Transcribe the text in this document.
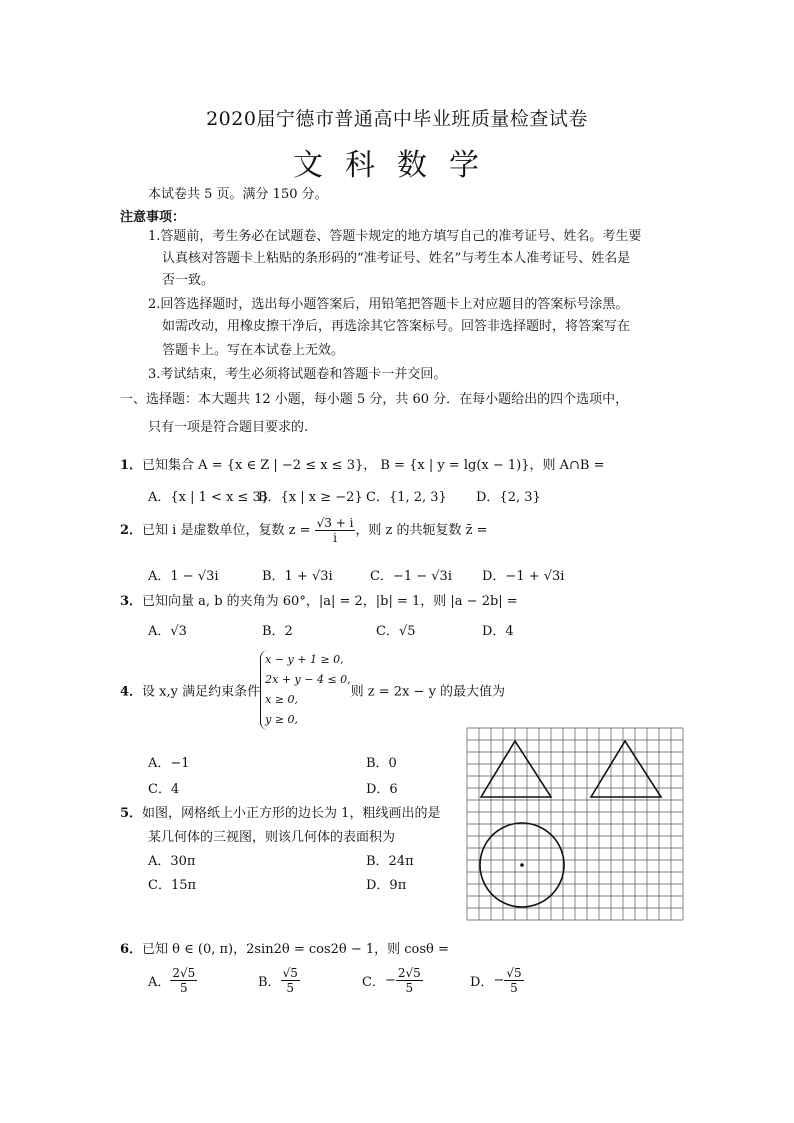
2020届宁德市普通高中毕业班质量检查试卷
文科数学
本试卷共 5 页。满分 150 分。
注意事项：
1.答题前，考生务必在试题卷、答题卡规定的地方填写自己的准考证号、姓名。考生要
认真核对答题卡上粘贴的条形码的“准考证号、姓名”与考生本人准考证号、姓名是
否一致。
2.回答选择题时，选出每小题答案后，用铅笔把答题卡上对应题目的答案标号涂黑。
如需改动，用橡皮擦干净后，再选涂其它答案标号。回答非选择题时，将答案写在
答题卡上。写在本试卷上无效。
3.考试结束，考生必须将试题卷和答题卡一并交回。
一、选择题：本大题共 12 小题，每小题 5 分，共 60 分．在每小题给出的四个选项中，
只有一项是符合题目要求的.
1．已知集合 A = {x ∈ Z | −2 ≤ x ≤ 3}， B = {x | y = lg(x − 1)}，则 A∩B =
A．{x | 1 < x ≤ 3}
B．{x | x ≥ −2} C．{1, 2, 3} D．{2, 3}
2．已知 i 是虚数单位，复数 $z = \frac{√3 + i}{i}$ ，则 z 的共轭复数 z̄ =
A．1 − √3i	B．1 + √3i	C．−1 − √3i D．−1 + √3i
3．已知向量 a, b 的夹角为 60°，|a| = 2，|b| = 1，则 |a − 2b| =
A．√3	B．2	C．√5	D．4
4．设 x,y 满足约束条件
x − y + 1 ≥ 0,
2x + y − 4 ≤ 0,
x ≥ 0,
y ≥ 0,
则 z = 2x − y 的最大值为
A．−1	B．0
C．4	D．6
5．如图，网格纸上小正方形的边长为 1，粗线画出的是
某几何体的三视图，则该几何体的表面积为
A．30π	B．24π
C．15π	D．9π
6．已知 θ ∈ (0, π)，2sin2θ = cos2θ − 1，则 cosθ =
A． $\frac{2√5}{5}$	B． $\frac{√5}{5}$	C．− $\frac{2√5}{5}$	D．− $\frac{√5}{5}$
